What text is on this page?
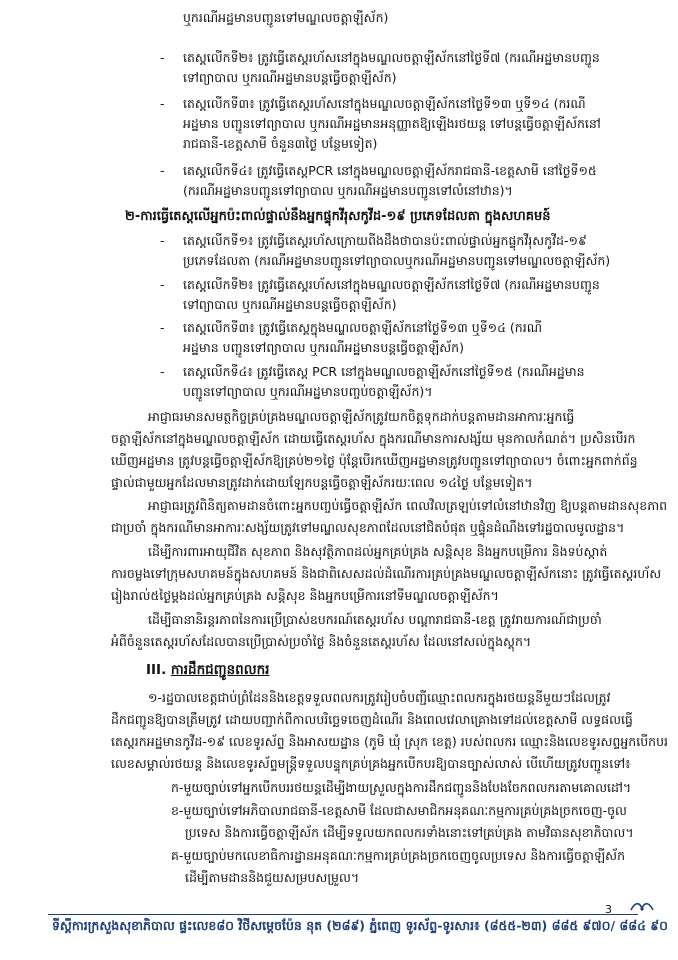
ឬករណីអដ្ឋមានបញ្ជូនទៅមណ្ឌលចត្តាឡីស័ក)
- តេស្តលើកទី២៖ ត្រូវធ្វើតេស្តរហ័សនៅក្នុងមណ្ឌលចត្តាឡីស័កនៅថ្ងៃទី៧ (ករណីអដ្ឋមានបញ្ជូន
ទៅព្យាបាល ឬករណីអដ្ឋមានបន្តធ្វើចត្តាឡីស័ក)
- តេស្តលើកទី៣៖ ត្រូវធ្វើតេស្តរហ័សនៅក្នុងមណ្ឌលចត្តាឡីស័កនៅថ្ងៃទី១៣ ឬទី១៤ (ករណី
អដ្ឋមាន បញ្ជូនទៅព្យាបាល ឬករណីអដ្ឋមានអនុញ្ញាតឱ្យឡើងរថយន្ត ទៅបន្តធ្វើចត្តាឡីស័កនៅ
រាជធានី-ខេត្តសាមី ចំនួន៣ថ្ងៃ បន្ថែមទៀត)
- តេស្តលើកទី៤៖ ត្រូវធ្វើតេស្តPCR នៅក្នុងមណ្ឌលចត្តាឡីស័ករាជធានី-ខេត្តសាមី នៅថ្ងៃទី១៥
(ករណីអដ្ឋមានបញ្ជូនទៅព្យាបាល ឬករណីអដ្ឋមានបញ្ជូនទៅលំនៅឋាន)។
២-ការធ្វើតេស្តលើអ្នកប៉ះពាល់ផ្ទាល់នឹងអ្នកផ្ទុកវីរុសកូវីដ-១៩ ប្រភេទដែលតា ក្នុងសហគមន៍
- តេស្តលើកទី១៖ ត្រូវធ្វើតេស្តរហ័សក្រោយពីងដឹងថាបានប៉ះពាល់ផ្ទាល់អ្នកផ្ទុកវីរុសកូវីដ-១៩
ប្រភេទដែលតា (ករណីអដ្ឋមានបញ្ជូនទៅព្យាបាលឬករណីអដ្ឋមានបញ្ជូនទៅមណ្ឌលចត្តាឡីស័ក)
- តេស្តលើកទី២៖ ត្រូវធ្វើតេស្តរហ័សនៅក្នុងមណ្ឌលចត្តាឡីស័កនៅថ្ងៃទី៧ (ករណីអដ្ឋមានបញ្ជូន
ទៅព្យាបាល ឬករណីអដ្ឋមានបន្តធ្វើចត្តាឡីស័ក)
- តេស្តលើកទី៣៖ ត្រូវធ្វើតេស្តក្នុងមណ្ឌលចត្តាឡីស័កនៅថ្ងៃទី១៣ ឬទី១៤ (ករណី
អដ្ឋមាន បញ្ជូនទៅព្យាបាល ឬករណីអដ្ឋមានបន្តធ្វើចត្តាឡីស័ក)
- តេស្តលើកទី៤៖ ត្រូវធ្វើតេស្ត PCR នៅក្នុងមណ្ឌលចត្តាឡីស័កនៅថ្ងៃទី១៥ (ករណីអដ្ឋមាន
បញ្ជូនទៅព្យាបាល ឬករណីអដ្ឋមានបញ្ចប់ចត្តាឡីស័ក)។
អាជ្ញាធរមានសមត្ថកិច្ចគ្រប់គ្រងមណ្ឌលចត្តាឡីស័កត្រូវយកចិត្តទុកដាក់បន្តតាមដានអាការៈអ្នកធ្វើ
ចត្តាឡីស័កនៅក្នុងមណ្ឌលចត្តាឡីស័ក ដោយធ្វើតេស្តរហ័ស ក្នុងករណីមានការសង្ស័យ មុនកាលកំណត់។ ប្រសិនបើរក
ឃើញអដ្ឋមាន ត្រូវបន្តធ្វើចត្តាឡីស័កឱ្យគ្រប់២១ថ្ងៃ ប៉ុន្តែបើរកឃើញអដ្ឋមានត្រូវបញ្ជូនទៅព្យាបាល។ ចំពោះអ្នកពាក់ព័ន្ធ
ផ្ទាល់ជាមួយអ្នកដែលមានត្រូវដាក់ដោយឡែកបន្តធ្វើចត្តាឡីស័ករយៈពេល ១៤ថ្ងៃ បន្ថែមទៀត។
អាជ្ញាធរត្រូវពិនិត្យតាមដានចំពោះអ្នកបញ្ចប់ធ្វើចត្តាឡីស័ក ពេលវិលត្រឡប់ទៅលំនៅឋានវិញ ឱ្យបន្តតាមដានសុខភាព
ជាប្រចាំ ក្នុងករណីមានអាការៈសង្ស័យត្រូវទៅមណ្ឌលសុខភាពដែលនៅជិតបំផុត ឬផ្ទុំនដំណឹងទៅរដ្ឋបាលមូលដ្ឋាន។
ដើម្បីការពារអាយុជីវិត សុខភាព និងសុវត្ថិភាពដល់អ្នកគ្រប់គ្រង សន្តិសុខ និងអ្នកបម្រើការ និងទប់ស្កាត់
ការចម្លងទៅក្រុមសហគមន៍ក្នុងសហគមន៍ និងជាពិសេសដល់ដំណើរការគ្រប់គ្រងមណ្ឌលចត្តាឡីស័កនោះ ត្រូវធ្វើតេស្តរហ័ស
រៀងរាល់៥ថ្ងៃម្តងដល់អ្នកគ្រប់គ្រង សន្តិសុខ និងអ្នកបម្រើការនៅទីមណ្ឌលចត្តាឡីស័ក។
ដើម្បីធានានិរន្តរភាពនៃការប្រើប្រាស់ឧបករណ៍តេស្តរហ័ស បណ្តារាជធានី-ខេត្ត ត្រូវរាយការណ៍ជាប្រចាំ
អំពីចំនួនតេស្តរហ័សដែលបានប្រើប្រាស់ប្រចាំថ្ងៃ និងចំនួនតេស្តរហ័ស ដែលនៅសល់ក្នុងស្តុក។
III. ការដឹកជញ្ជូនពលករ
១-រដ្ឋបាលខេត្តជាប់ព្រំដែននិងខេត្តទទួលពលករត្រូវរៀបចំបញ្ជីឈ្មោះពលករក្នុងរថយន្តនីមួយៗដែលត្រូវ
ដឹកជញ្ជូនឱ្យបានត្រឹមត្រូវ ដោយបញ្ជាក់ពីកាលបរិច្ឆេទចេញដំណើរ និងពេលវេលាគ្រោងទៅដល់ខេត្តសាមី លទ្ធផលធ្វើ
តេស្តរកអដ្ឋមានកូវីដ-១៩ លេខទូរស័ព្ទ និងអាសយដ្ឋាន (ភូមិ ឃុំ ស្រុក ខេត្ត) របស់ពលករ ឈ្មោះនិងលេខទូរសព្ទអ្នកបើកបរ
លេខសម្គាល់រថយន្ត និងលេខទូរស័ព្ទមន្ត្រីទទួលបន្ទុកគ្រប់គ្រងអ្នកបើកបរឱ្យបានច្បាស់លាស់ បើហើយត្រូវបញ្ជូនទៅ៖
ក-មួយច្បាប់ទៅអ្នកបើកបររថយន្តដើម្បីងាយស្រួលក្នុងការដឹកជញ្ជូននិងបែងចែកពលករតាមគោលដៅ។
ខ-មួយច្បាប់ទៅអភិបាលរាជធានី-ខេត្តសាមី ដែលជាសមាជិកអនុគណៈកម្មការគ្រប់គ្រងច្រកចេញ-ចូល
ប្រទេស និងការធ្វើចត្តាឡីស័ក ដើម្បីទទួលយកពលករទាំងនោះទៅគ្រប់គ្រង តាមវិធានសុខាភិបាល។
គ-មួយច្បាប់មកលេខាធិការដ្ឋានអនុគណៈកម្មការគ្រប់គ្រងច្រកចេញចូលប្រទេស និងការធ្វើចត្តាឡីស័ក
ដើម្បីតាមដាននិងជួយសម្របសម្រួល។
3
ទីស្តីការក្រសួងសុខាភិបាល ផ្ទះលេខ៨០ វិថីសម្តេចប៉ែន នុត (២៨៩) ភ្នំពេញ ទូរស័ព្ទ-ទូរសារ៖ (៨៥៥-២៣) ៨៨៥ ៩៧០/ ៨៨៤ ៩០
